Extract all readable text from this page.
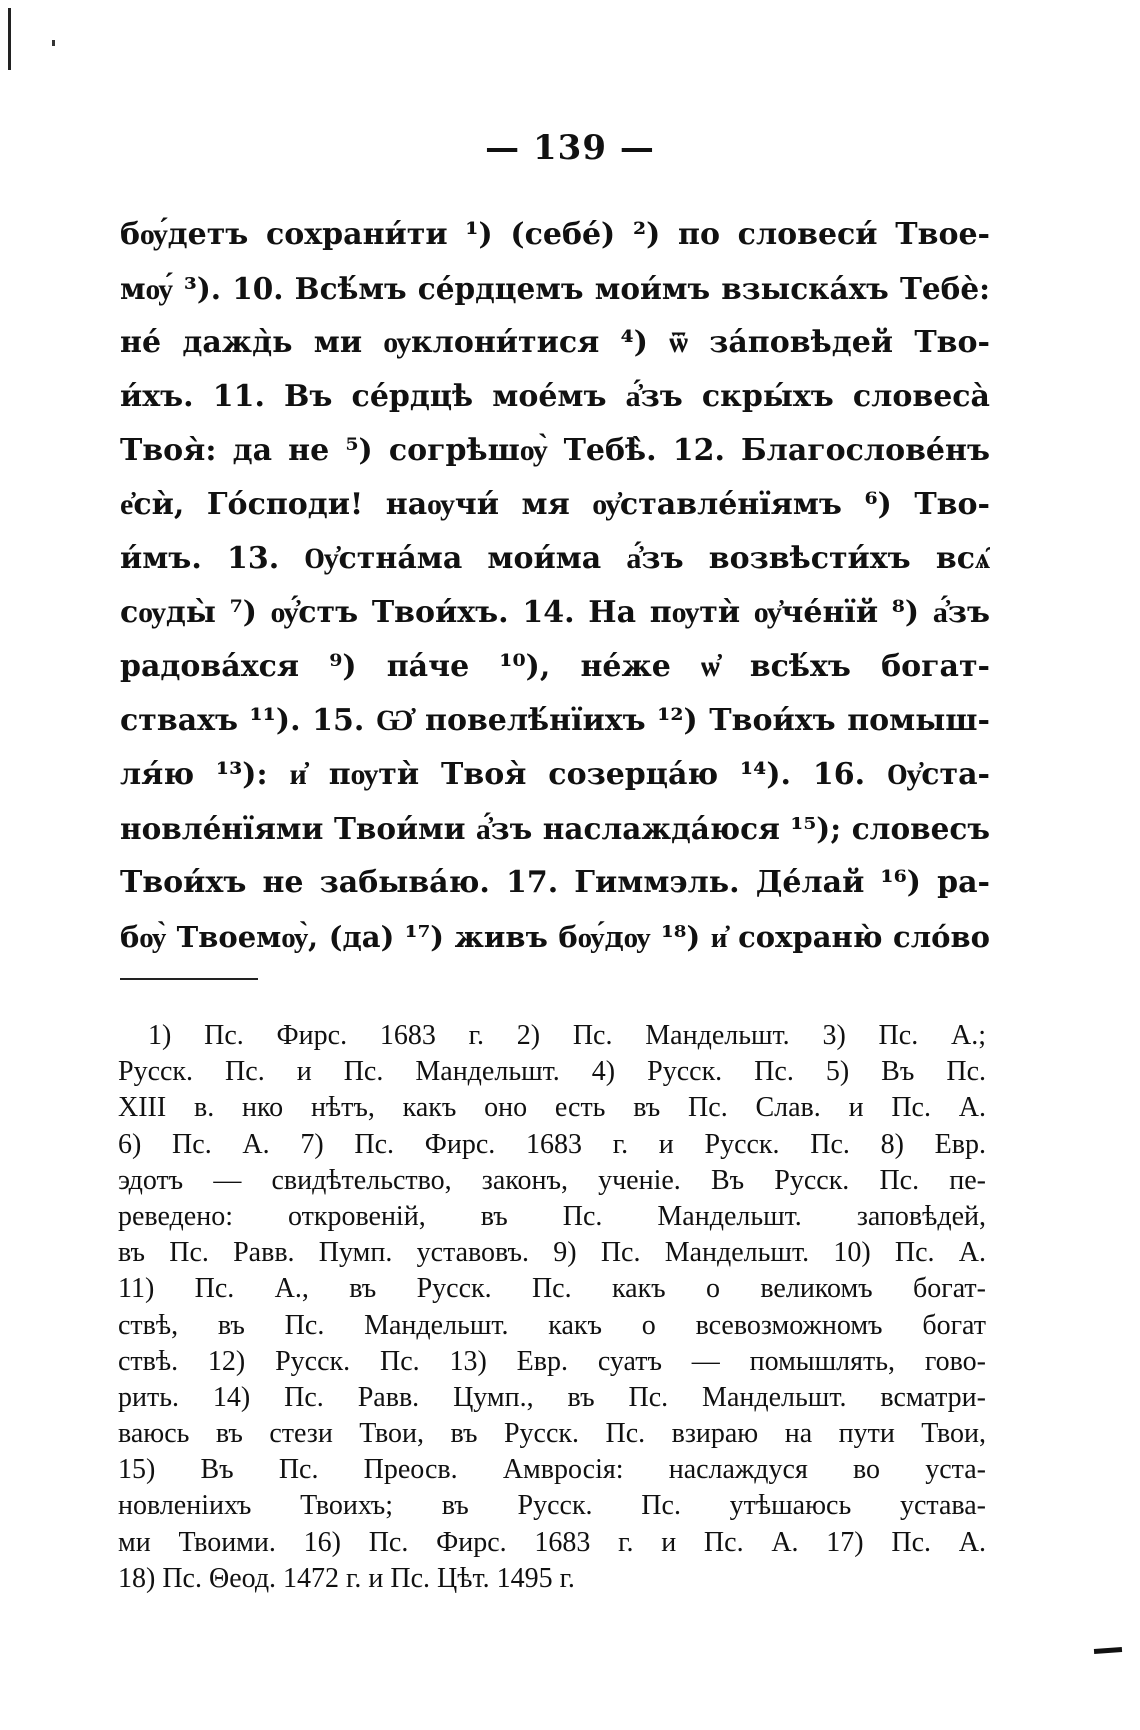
— 139 —
бѹ́детъ сохрани́ти ¹) (себе́) ²) по словеси́ Твое-
мѹ́ ³). 10. Всѣ́мъ се́рдцемъ мои́мъ взыска́хъ Тебѐ:
не́ дажд̀ь ми ѹклони́тися ⁴) ѿ за́повѣдей Тво-
и́хъ. 11. Въ се́рдцѣ мое́мъ а҆́зъ скры́хъ словеса̀
Твоя̀: да не ⁵) согрѣшѹ̀ Тебѣ̀. 12. Благослове́нъ
е҆сѝ, Го́споди! наѹчи́ мя ѹ҆ставле́нїямъ ⁶) Тво-
и́мъ. 13. Ѹ҆стна́ма мои́ма а҆́зъ возвѣсти́хъ всѧ̑
сѹды̀ ⁷) ѹ҆́стъ Твои́хъ. 14. На пѹтѝ ѹ҆че́нїй ⁸) а҆́зъ
радова́хся ⁹) па́че ¹⁰), не́же ѡ҆ всѣ́хъ богат-
ствахъ ¹¹). 15. Ѡ҆ повелѣ́нїихъ ¹²) Твои́хъ помыш-
ля́ю ¹³): и҆ пѹтѝ Твоя̀ созерца́ю ¹⁴). 16. Ѹ҆ста-
новле́нїями Твои́ми а҆́зъ наслажда́юся ¹⁵); словесъ
Твои́хъ не забыва́ю. 17. Гиммэль. Де́лай ¹⁶) ра-
бѹ̀ Твоемѹ̀, (да) ¹⁷) живъ бѹ́дѹ ¹⁸) и҆ сохраню̀ сло́во
1) Пс. Фирс. 1683 г. 2) Пс. Мандельшт. 3) Пс. А.;
Русск. Пс. и Пс. Мандельшт. 4) Русск. Пс. 5) Въ Пс.
XIII в. нко нѣтъ, какъ оно есть въ Пс. Слав. и Пс. А.
6) Пс. А. 7) Пс. Фирс. 1683 г. и Русск. Пс. 8) Евр.
эдотъ — свидѣтельство, законъ, ученіе. Въ Русск. Пс. пе-
реведено: откровеній, въ Пс. Мандельшт. заповѣдей,
въ Пс. Равв. Пумп. уставовъ. 9) Пс. Мандельшт. 10) Пс. А.
11) Пс. А., въ Русск. Пс. какъ о великомъ богат-
ствѣ, въ Пс. Мандельшт. какъ о всевозможномъ богат
ствѣ. 12) Русск. Пс. 13) Евр. суатъ — помышлять, гово-
рить. 14) Пс. Равв. Цумп., въ Пс. Мандельшт. всматри-
ваюсь въ стези Твои, въ Русск. Пс. взираю на пути Твои,
15) Въ Пс. Преосв. Амвросія: наслаждуся во уста-
новленіихъ Твоихъ; въ Русск. Пс. утѣшаюсь устава-
ми Твоими. 16) Пс. Фирс. 1683 г. и Пс. А. 17) Пс. А.
18) Пс. Θеод. 1472 г. и Пс. Цѣт. 1495 г.
